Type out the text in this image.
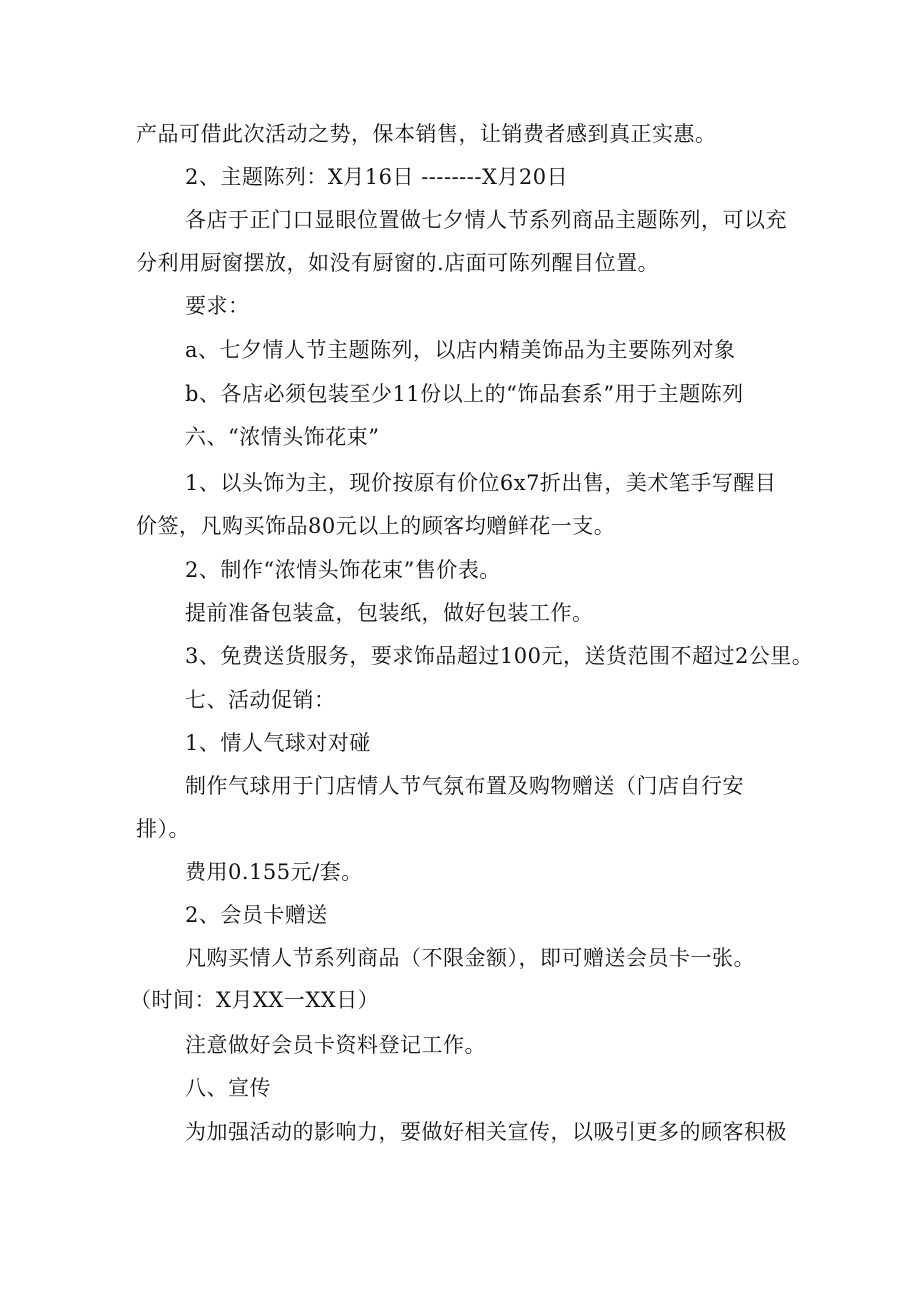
产品可借此次活动之势，保本销售，让销费者感到真正实惠。
2、主题陈列：X月16日 --------X月20日
各店于正门口显眼位置做七夕情人节系列商品主题陈列，可以充
分利用厨窗摆放，如没有厨窗的.店面可陈列醒目位置。
要求：
a、七夕情人节主题陈列，以店内精美饰品为主要陈列对象
b、各店必须包装至少11份以上的“饰品套系”用于主题陈列
六、“浓情头饰花束”
1、以头饰为主，现价按原有价位6x7折出售，美术笔手写醒目
价签，凡购买饰品80元以上的顾客均赠鲜花一支。
2、制作“浓情头饰花束”售价表。
提前准备包装盒，包装纸，做好包装工作。
3、免费送货服务，要求饰品超过100元，送货范围不超过2公里。
七、活动促销：
1、情人气球对对碰
制作气球用于门店情人节气氛布置及购物赠送（门店自行安
排）。
费用0.155元/套。
2、会员卡赠送
凡购买情人节系列商品（不限金额），即可赠送会员卡一张。
（时间：X月XX一XX日）
注意做好会员卡资料登记工作。
八、宣传
为加强活动的影响力，要做好相关宣传，以吸引更多的顾客积极
